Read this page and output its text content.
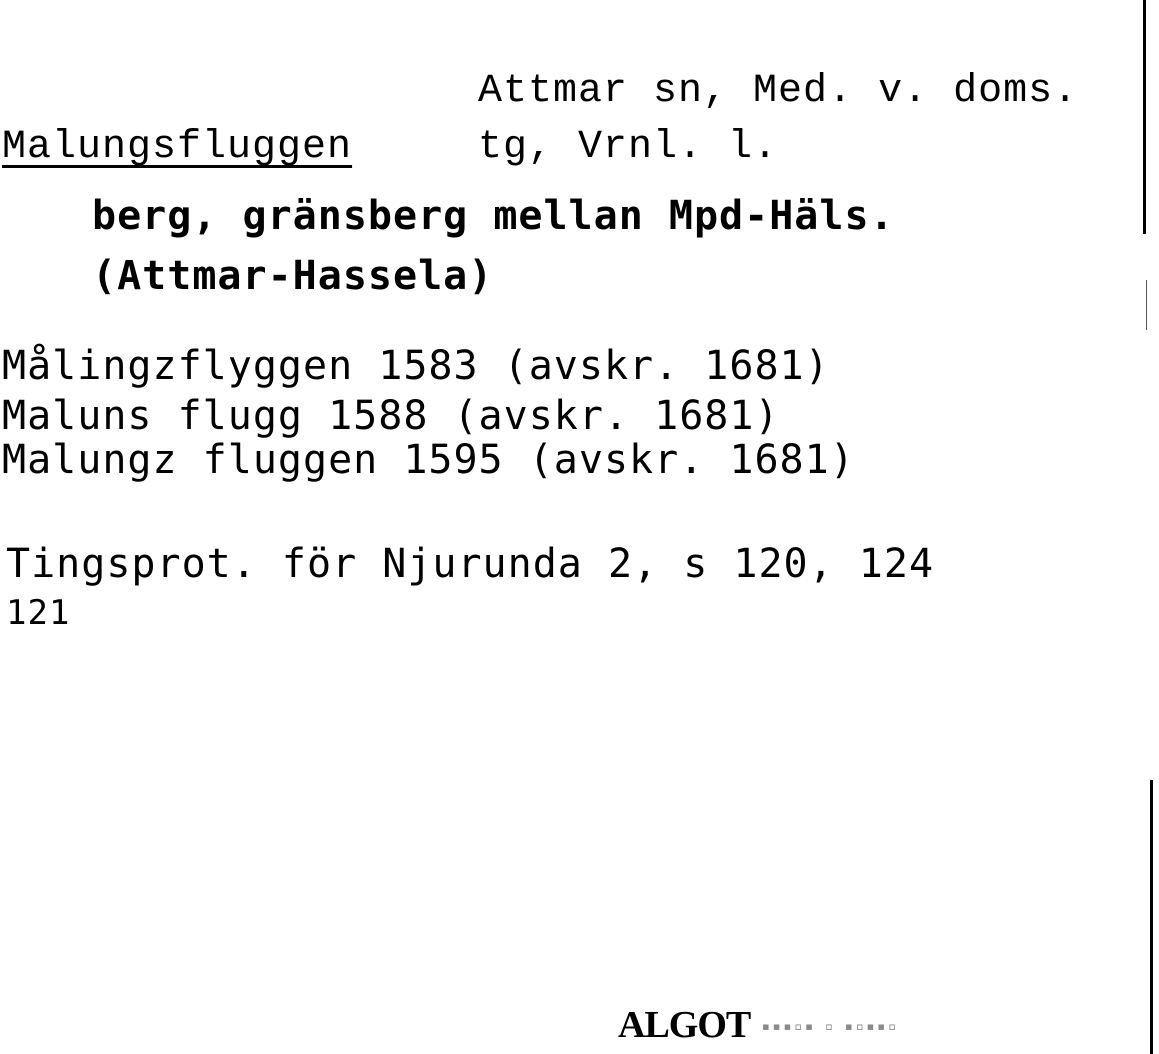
Attmar sn, Med. v. doms.
Malungsfluggen	tg, Vrnl. l.
berg, gränsberg mellan Mpd-Häls.
(Attmar-Hassela)
Målingzflyggen 1583 (avskr. 1681)
Maluns flugg 1588 (avskr. 1681)
Malungz fluggen 1595 (avskr. 1681)
Tingsprot. för Njurunda 2, s 120, 124
121
ALGOT ▪▪▪▫▪ ▫ ▪▫▪▪▫
